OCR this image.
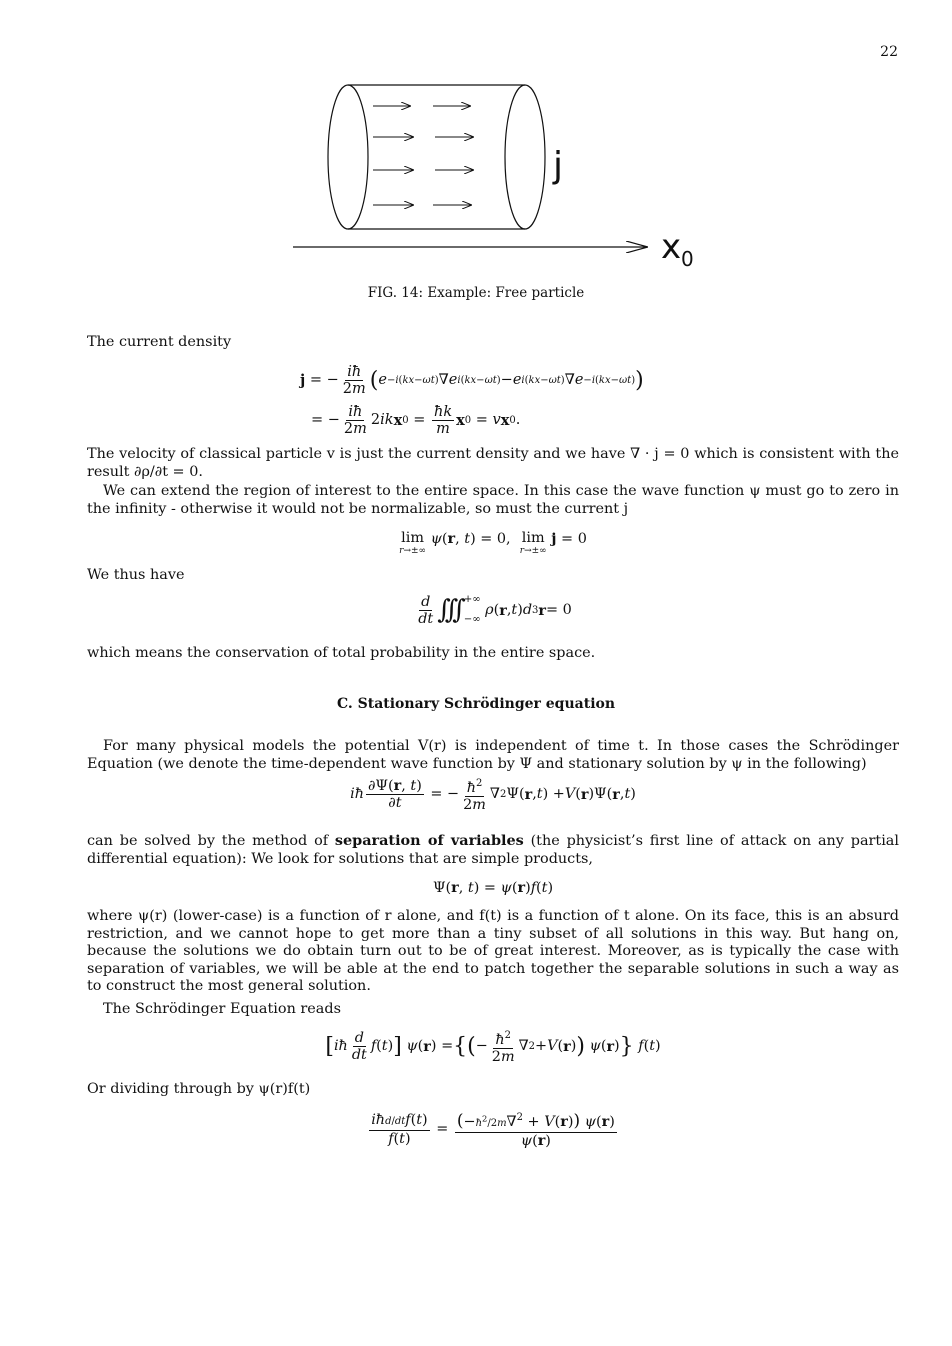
22
j
x 0
FIG. 14: Example: Free particle
The current density
j = − $\frac{iħ}{2m}$ ( e −i(kx−ωt) ∇ e i(kx−ωt) − e i(kx−ωt) ∇ e −i(kx−ωt) )
= − $\frac{iħ}{2m} 2$ ik x $0 = \frac{ħk}{m}$ x 0 = v x 0 .
The velocity of classical particle v is just the current density and we have ∇ · j = 0 which is consistent with the result ∂ρ/∂t = 0.
We can extend the region of interest to the entire space. In this case the wave function ψ must go to zero in the infinity - otherwise it would not be normalizable, so must the current j
lim
r→±∞
ψ(r, t) = 0, lim
r→±∞
j = 0
We thus have
$\frac{d}{dt}$ ∫∫∫ +∞
−∞

ρ ( r , t ) d 3 r = 0
which means the conservation of total probability in the entire space.
C. Stationary Schrödinger equation
For many physical models the potential V(r) is independent of time t. In those cases the Schrödinger Equation (we denote the time-dependent wave function by Ψ and stationary solution by ψ in the following)
iħ $\frac{\partial\Psi(r, t)}{\partial t}$ = − $\frac{ħ^2}{2m}$ ∇ 2 Ψ( r , t ) + V ( r )Ψ( r , t )
can be solved by the method of separation of variables (the physicist’s first line of attack on any partial differential equation): We look for solutions that are simple products,
Ψ(r, t) = ψ(r)f(t)
where ψ(r) (lower-case) is a function of r alone, and f(t) is a function of t alone. On its face, this is an absurd restriction, and we cannot hope to get more than a tiny subset of all solutions in this way. But hang on, because the solutions we do obtain turn out to be of great interest. Moreover, as is typically the case with separation of variables, we will be able at the end to patch together the separable solutions in such a way as to construct the most general solution.
The Schrödinger Equation reads
[ iħ $\frac{d}{dt}$ f ( t ) ]
ψ ( r ) = { ( − $\frac{ħ^2}{2m}$ ∇ 2 + V ( r ) )
ψ ( r ) }
f ( t )
Or dividing through by ψ(r)f(t)
$\frac{\text{iħd/dtf(t)}}{f(t)} = \frac{(-ħ^2/2m\nabla^2 + V(r)) \psi(r)}{\psi(r)}$
